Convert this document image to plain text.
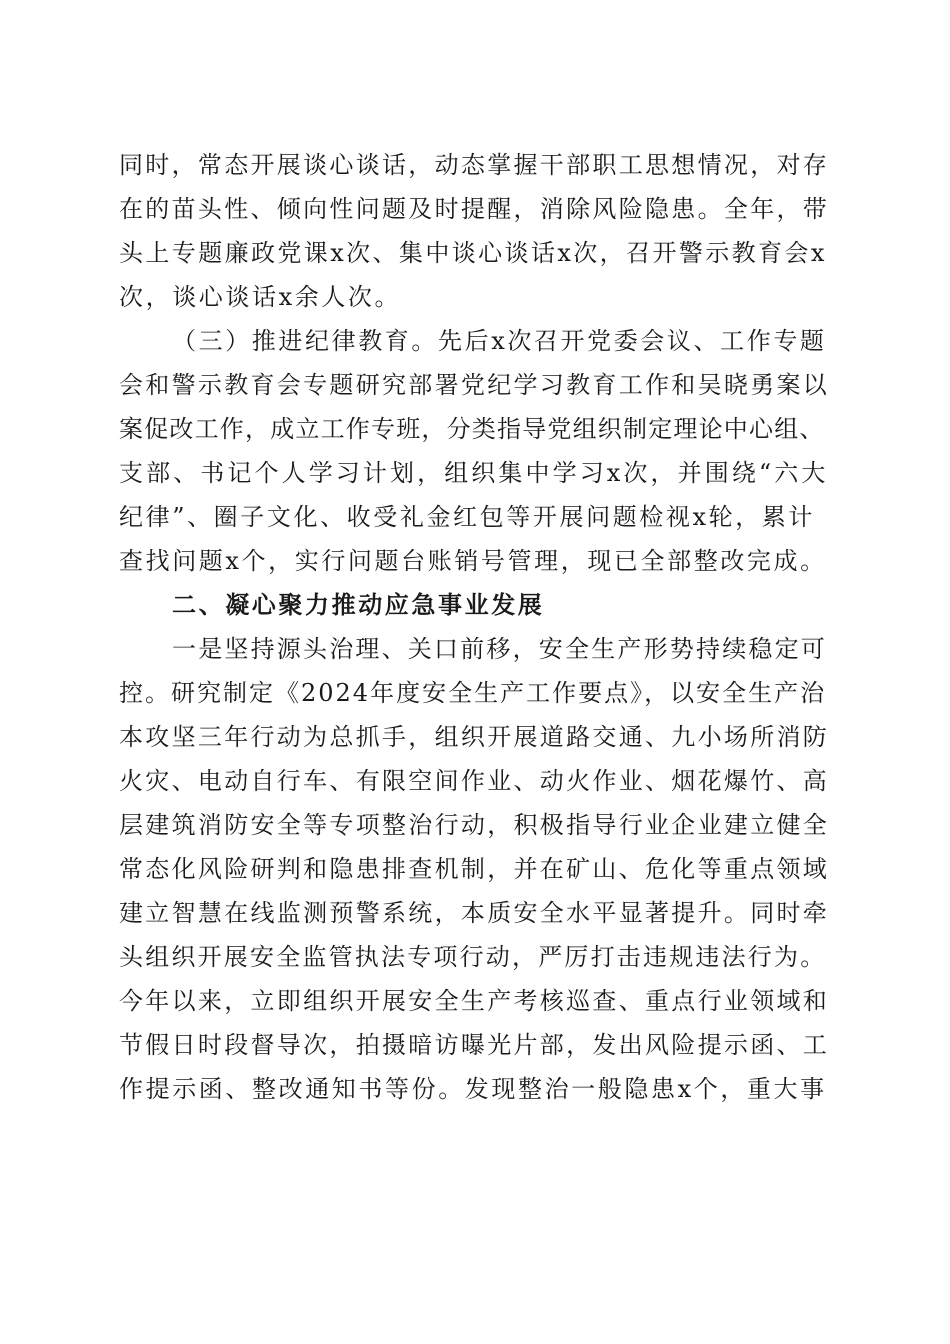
同时，常态开展谈心谈话，动态掌握干部职工思想情况，对存
在的苗头性、倾向性问题及时提醒，消除风险隐患。全年，带
头上专题廉政党课x次、集中谈心谈话x次，召开警示教育会x
次，谈心谈话x余人次。
（三）推进纪律教育。先后x次召开党委会议、工作专题
会和警示教育会专题研究部署党纪学习教育工作和吴晓勇案以
案促改工作，成立工作专班，分类指导党组织制定理论中心组、
支部、书记个人学习计划，组织集中学习x次，并围绕“六大
纪律”、圈子文化、收受礼金红包等开展问题检视x轮，累计
查找问题x个，实行问题台账销号管理，现已全部整改完成。
二、凝心聚力推动应急事业发展
一是坚持源头治理、关口前移，安全生产形势持续稳定可
控。研究制定《2024年度安全生产工作要点》，以安全生产治
本攻坚三年行动为总抓手，组织开展道路交通、九小场所消防
火灾、电动自行车、有限空间作业、动火作业、烟花爆竹、高
层建筑消防安全等专项整治行动，积极指导行业企业建立健全
常态化风险研判和隐患排查机制，并在矿山、危化等重点领域
建立智慧在线监测预警系统，本质安全水平显著提升。同时牵
头组织开展安全监管执法专项行动，严厉打击违规违法行为。
今年以来，立即组织开展安全生产考核巡查、重点行业领域和
节假日时段督导次，拍摄暗访曝光片部，发出风险提示函、工
作提示函、整改通知书等份。发现整治一般隐患x个，重大事
